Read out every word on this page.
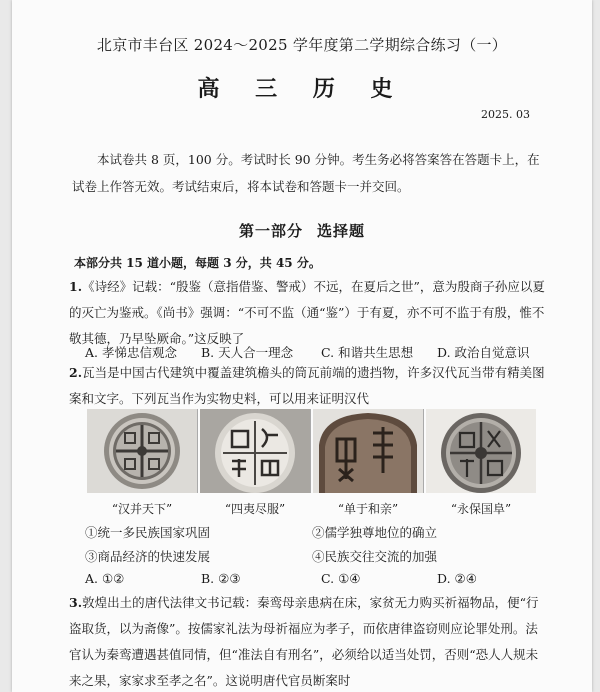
北京市丰台区 2024～2025 学年度第二学期综合练习（一）
高 三 历 史
2025. 03
本试卷共 8 页，100 分。考试时长 90 分钟。考生务必将答案答在答题卡上，在试卷上作答无效。考试结束后，将本试卷和答题卡一并交回。
第一部分 选择题
本部分共 15 道小题，每题 3 分，共 45 分。
1.《诗经》记载：“殷鉴（意指借鉴、警戒）不远，在夏后之世”，意为殷商子孙应以夏的灭亡为鉴戒。《尚书》强调：“不可不监（通“鉴”）于有夏，亦不可不监于有殷，惟不敬其德，乃早坠厥命。”这反映了
A. 孝悌忠信观念 B. 天人合一理念 C. 和谐共生思想 D. 政治自觉意识
2.瓦当是中国古代建筑中覆盖建筑檐头的筒瓦前端的遗挡物，许多汉代瓦当带有精美图案和文字。下列瓦当作为实物史料，可以用来证明汉代
“汉并天下”	“四夷尽服”	“单于和亲”	“永保国阜”
①统一多民族国家巩固	②儒学独尊地位的确立
③商品经济的快速发展	④民族交往交流的加强
A. ①②	B. ②③	C. ①④	D. ②④
3.敦煌出土的唐代法律文书记载：秦鸾母亲患病在床，家贫无力购买祈福物品，便“行盗取货，以为斋像”。按儒家礼法为母祈福应为孝子，而依唐律盗窃则应论罪处刑。法官认为秦鸾遭遇甚值同情，但“准法自有刑名”，必须给以适当处罚，否则“恐人人规未来之果，家家求至孝之名”。这说明唐代官员断案时
